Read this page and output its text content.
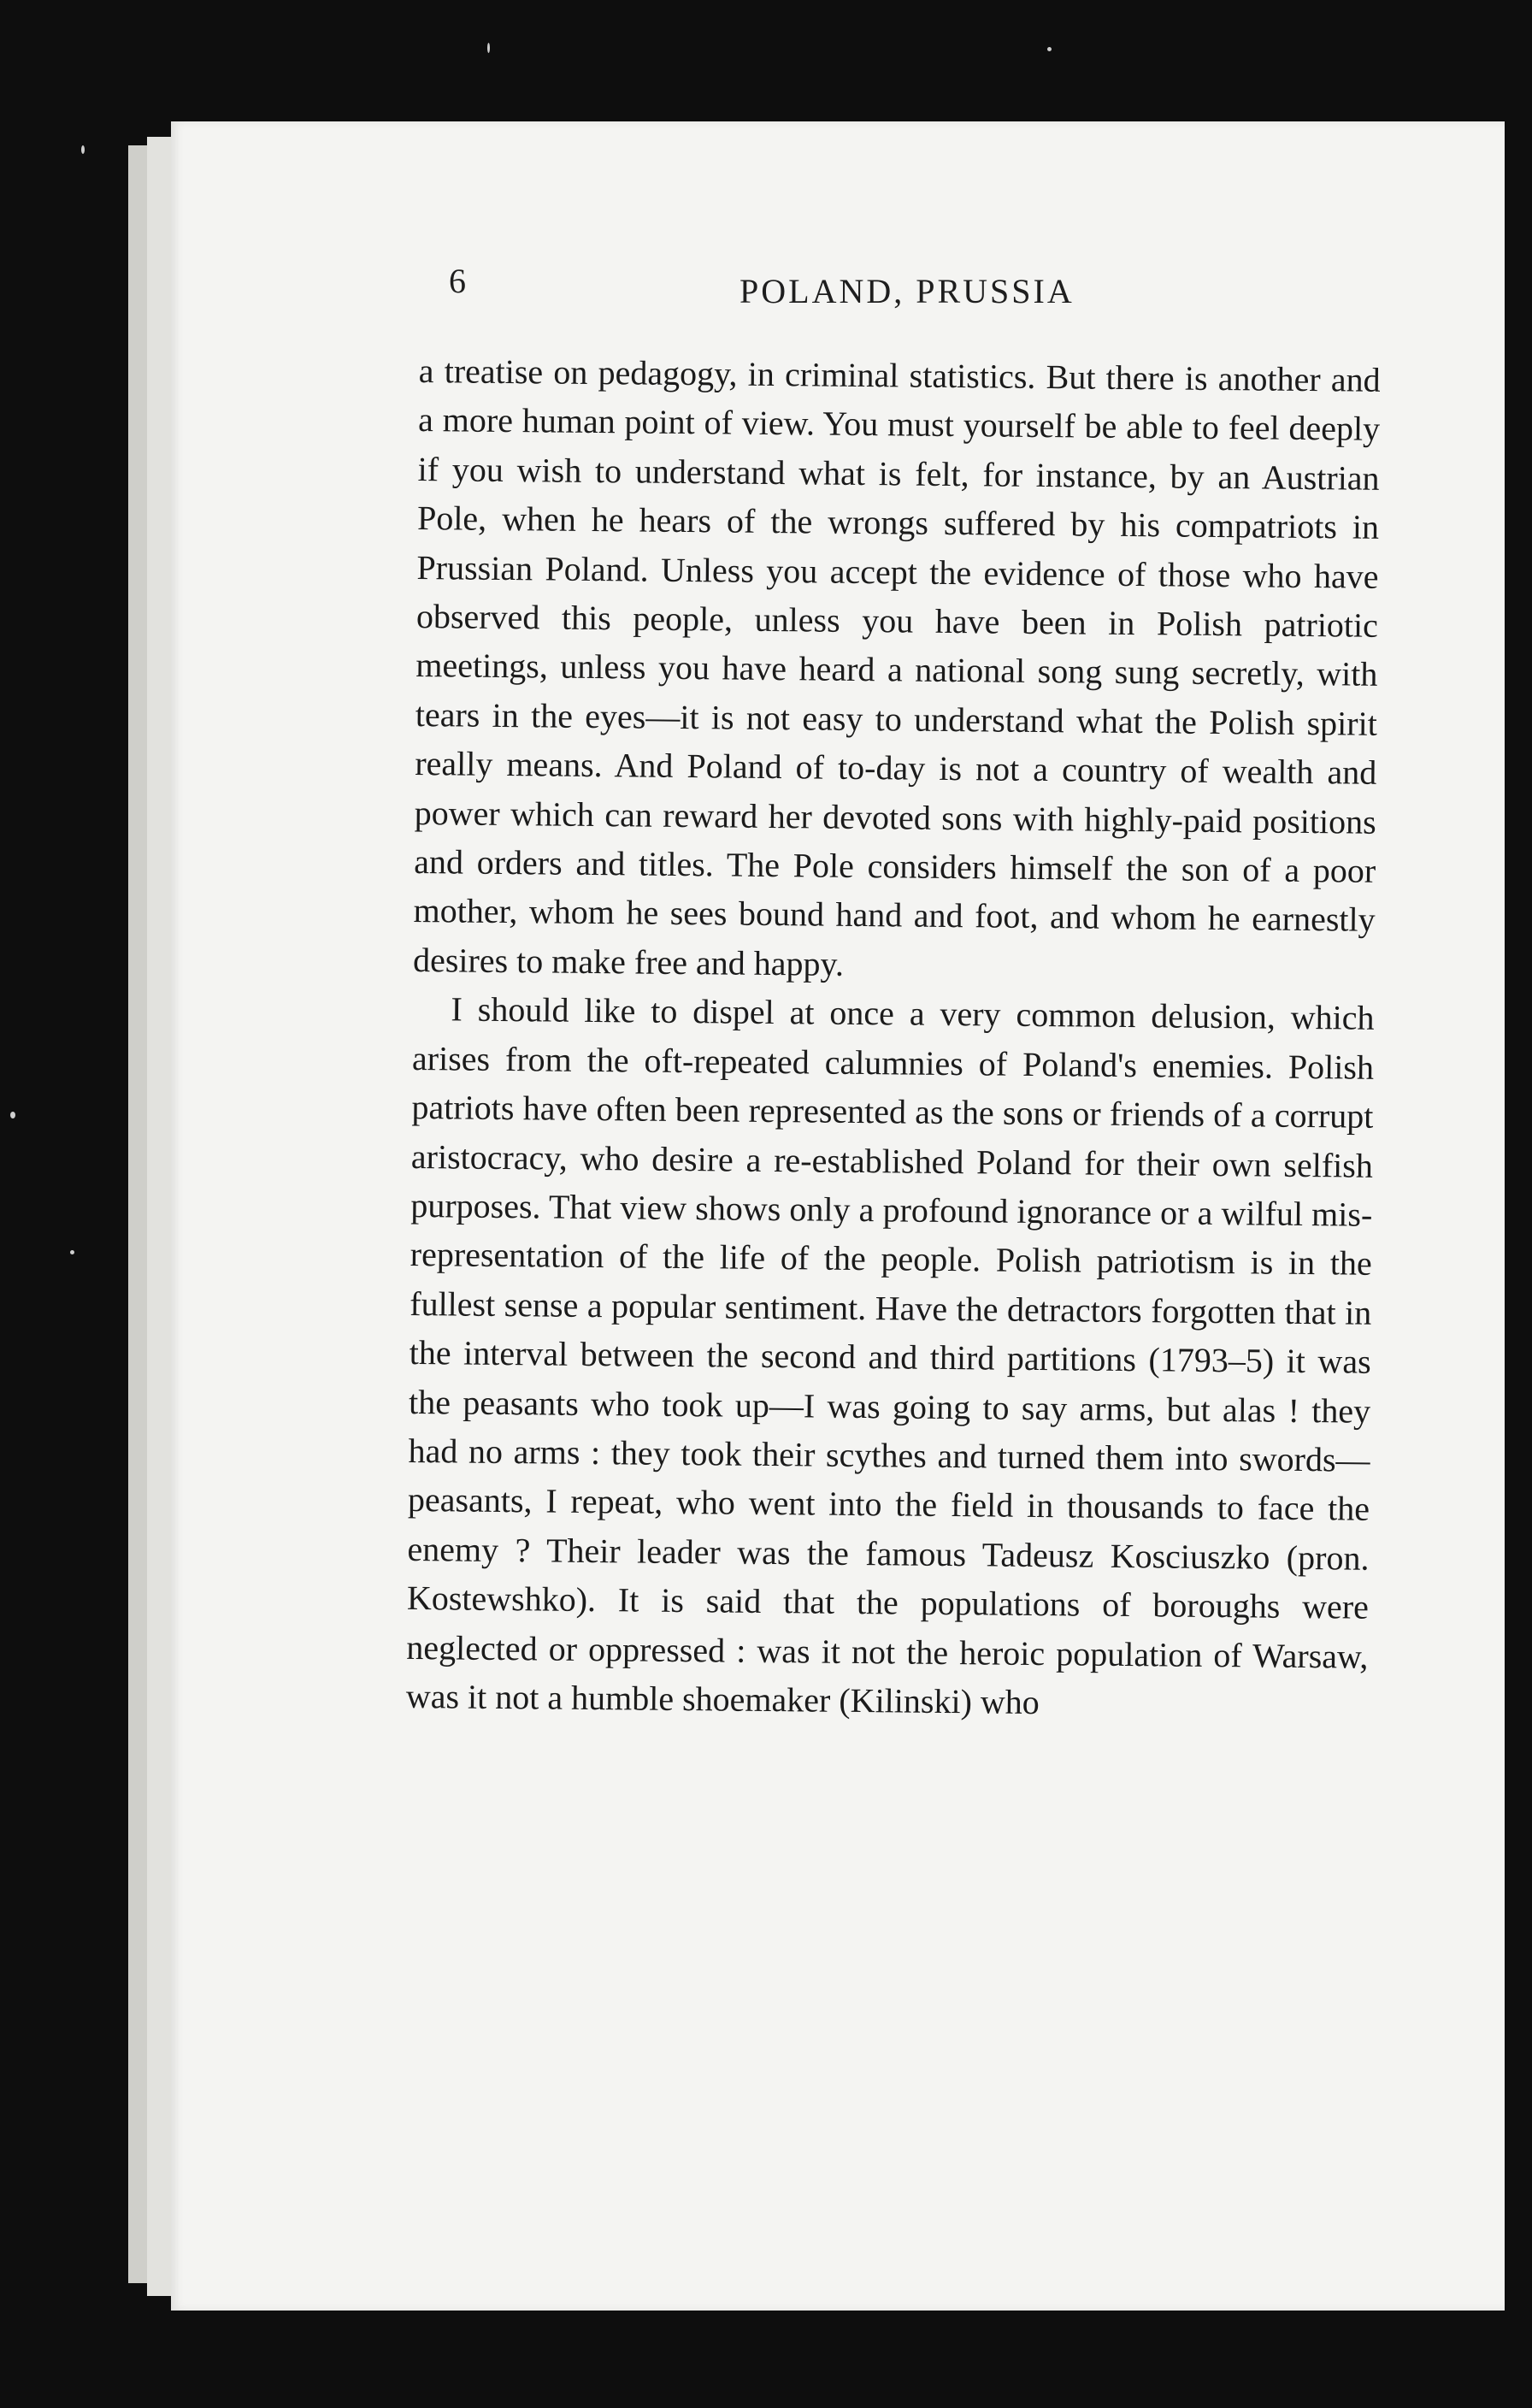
6	POLAND, PRUSSIA

a treatise on pedagogy, in criminal statistics. But there is another and a more human point of view. You must yourself be able to feel deeply if you wish to understand what is felt, for instance, by an Austrian Pole, when he hears of the wrongs suffered by his compatriots in Prussian Poland. Unless you accept the evidence of those who have observed this people, unless you have been in Polish patriotic meetings, unless you have heard a national song sung secretly, with tears in the eyes—it is not easy to understand what the Polish spirit really means. And Poland of to-day is not a country of wealth and power which can reward her devoted sons with highly-paid positions and orders and titles. The Pole considers himself the son of a poor mother, whom he sees bound hand and foot, and whom he earnestly desires to make free and happy.

I should like to dispel at once a very common delusion, which arises from the oft-repeated calumnies of Poland's enemies. Polish patriots have often been represented as the sons or friends of a corrupt aristocracy, who desire a re-established Poland for their own selfish purposes. That view shows only a profound ignorance or a wilful mis-representation of the life of the people. Polish patriotism is in the fullest sense a popular sentiment. Have the detractors forgotten that in the interval between the second and third partitions (1793–5) it was the peasants who took up—I was going to say arms, but alas ! they had no arms : they took their scythes and turned them into swords—peasants, I repeat, who went into the field in thousands to face the enemy ? Their leader was the famous Tadeusz Kosciuszko (pron. Kostewshko). It is said that the populations of boroughs were neglected or oppressed : was it not the heroic population of Warsaw, was it not a humble shoemaker (Kilinski) who
